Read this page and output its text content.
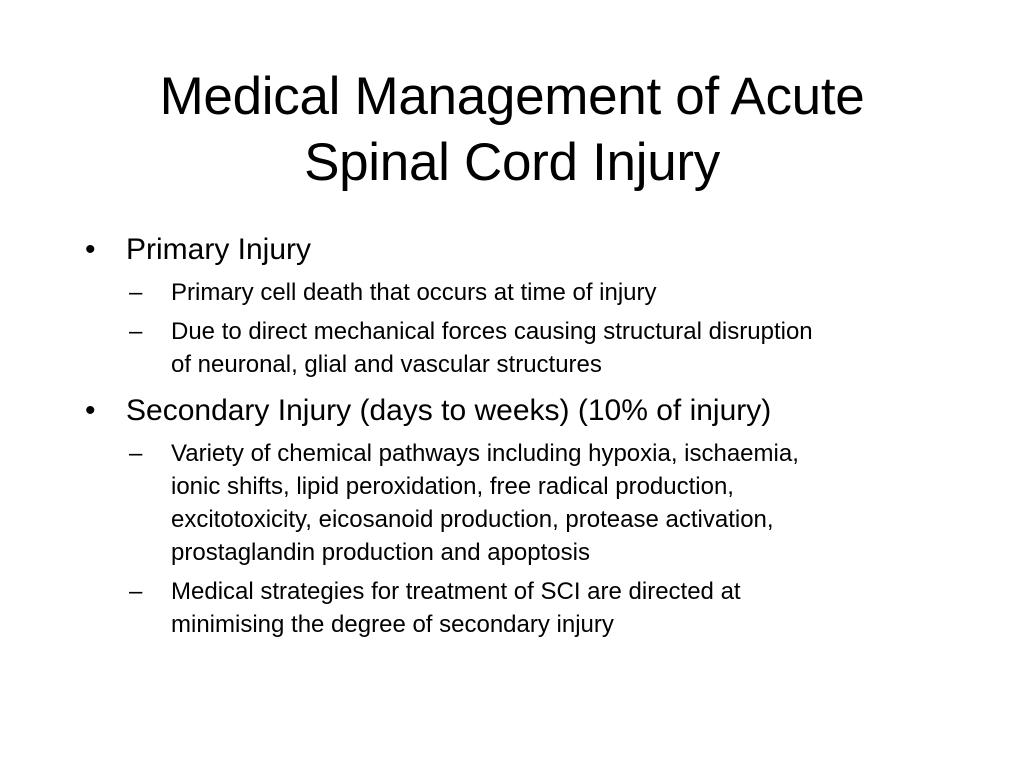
Medical Management of Acute
Spinal Cord Injury
• Primary Injury
– Primary cell death that occurs at time of injury
– Due to direct mechanical forces causing structural disruption
of neuronal, glial and vascular structures
• Secondary Injury (days to weeks) (10% of injury)
– Variety of chemical pathways including hypoxia, ischaemia,
ionic shifts, lipid peroxidation, free radical production,
excitotoxicity, eicosanoid production, protease activation,
prostaglandin production and apoptosis
– Medical strategies for treatment of SCI are directed at
minimising the degree of secondary injury
